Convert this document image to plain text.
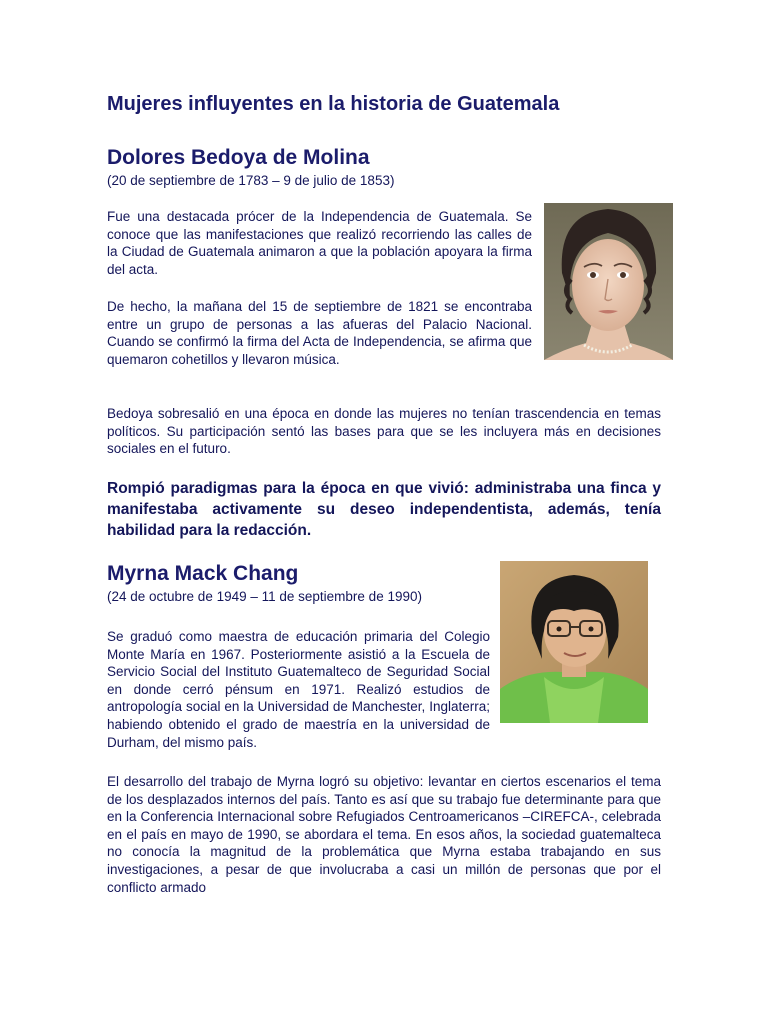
Mujeres influyentes en la historia de Guatemala
Dolores Bedoya de Molina

(20 de septiembre de 1783 – 9 de julio de 1853)

Fue una destacada prócer de la Independencia de Guatemala. Se conoce que las manifestaciones que realizó recorriendo las calles de la Ciudad de Guatemala animaron a que la población apoyara la firma del acta.

De hecho, la mañana del 15 de septiembre de 1821 se encontraba entre un grupo de personas a las afueras del Palacio Nacional. Cuando se confirmó la firma del Acta de Independencia, se afirma que quemaron cohetillos y llevaron música.

Bedoya sobresalió en una época en donde las mujeres no tenían trascendencia en temas políticos. Su participación sentó las bases para que se les incluyera más en decisiones sociales en el futuro.

Rompió paradigmas para la época en que vivió: administraba una finca y manifestaba activamente su deseo independentista, además, tenía habilidad para la redacción.

Myrna Mack Chang

(24 de octubre de 1949 – 11 de septiembre de 1990)

Se graduó como maestra de educación primaria del Colegio Monte María en 1967. Posteriormente asistió a la Escuela de Servicio Social del Instituto Guatemalteco de Seguridad Social en donde cerró pénsum en 1971. Realizó estudios de antropología social en la Universidad de Manchester, Inglaterra; habiendo obtenido el grado de maestría en la universidad de Durham, del mismo país.

El desarrollo del trabajo de Myrna logró su objetivo: levantar en ciertos escenarios el tema de los desplazados internos del país. Tanto es así que su trabajo fue determinante para que en la Conferencia Internacional sobre Refugiados Centroamericanos –CIREFCA-, celebrada en el país en mayo de 1990, se abordara el tema. En esos años, la sociedad guatemalteca no conocía la magnitud de la problemática que Myrna estaba trabajando en sus investigaciones, a pesar de que involucraba a casi un millón de personas que por el conflicto armado
